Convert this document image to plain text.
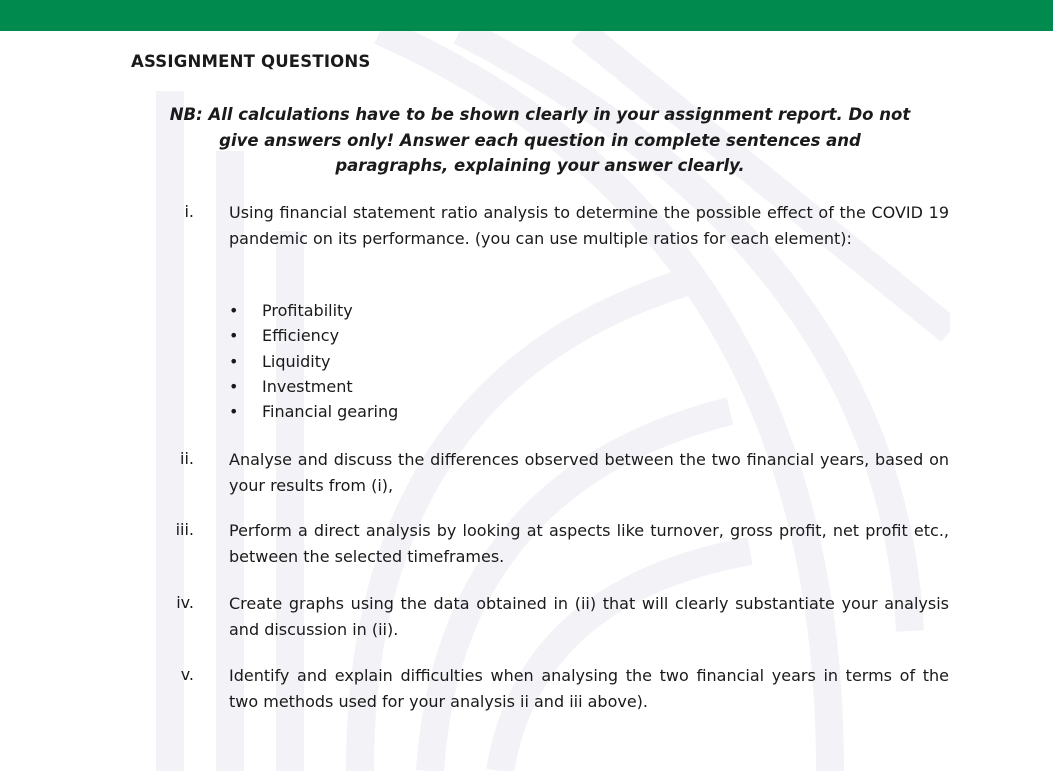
ASSIGNMENT QUESTIONS
NB: All calculations have to be shown clearly in your assignment report. Do not
give answers only! Answer each question in complete sentences and
paragraphs, explaining your answer clearly.
i. Using financial statement ratio analysis to determine the possible effect of the COVID 19 pandemic on its performance. (you can use multiple ratios for each element):
• Profitability
• Efficiency
• Liquidity
• Investment
• Financial gearing
ii. Analyse and discuss the differences observed between the two financial years, based on your results from (i),
iii. Perform a direct analysis by looking at aspects like turnover, gross profit, net profit etc., between the selected timeframes.
iv. Create graphs using the data obtained in (ii) that will clearly substantiate your analysis and discussion in (ii).
v. Identify and explain difficulties when analysing the two financial years in terms of the two methods used for your analysis ii and iii above).
